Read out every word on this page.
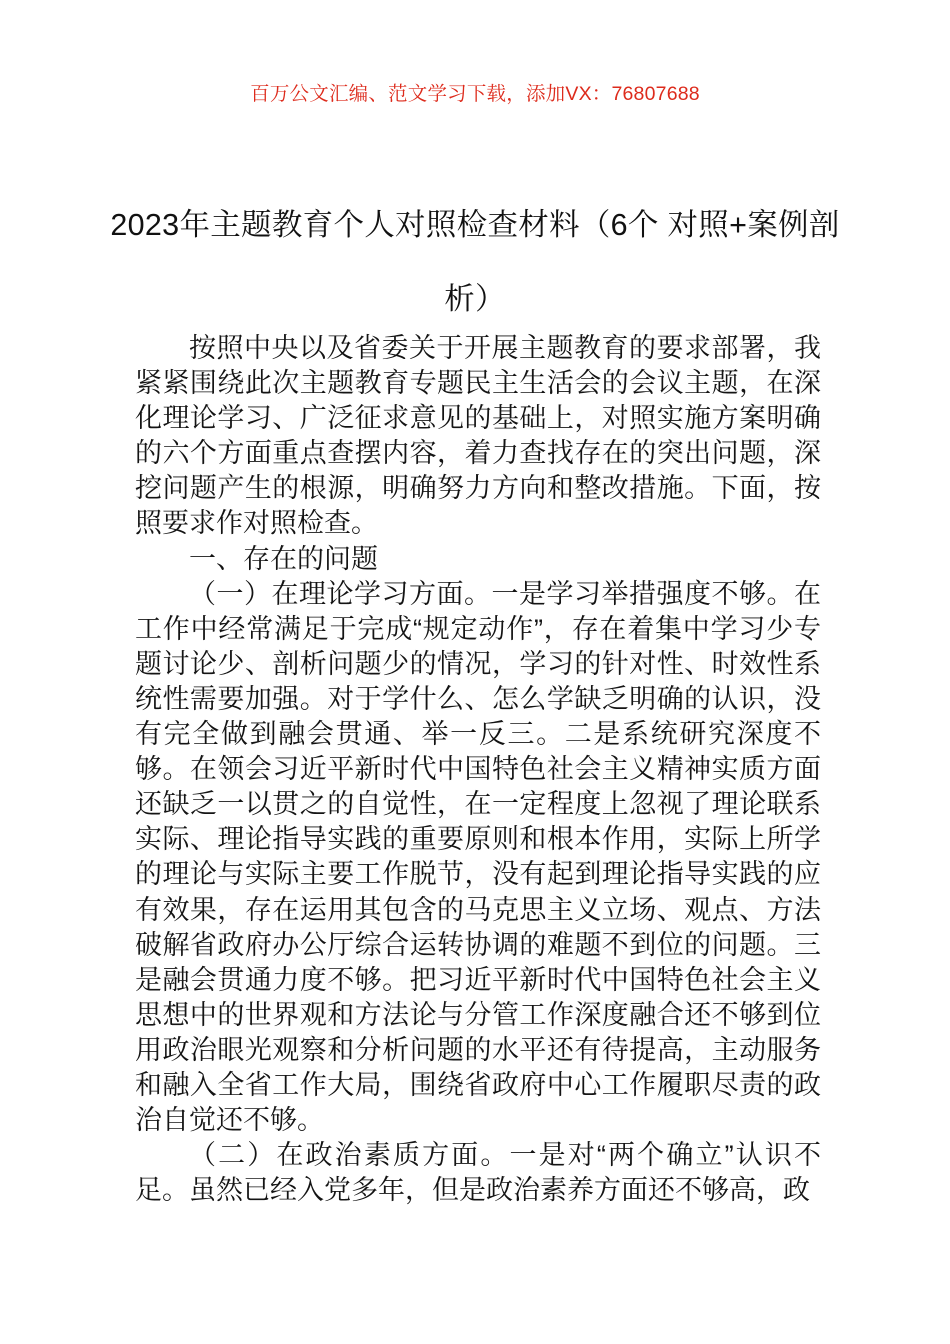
百万公文汇编、范文学习下载，添加VX：76807688
2023年主题教育个人对照检查材料（6个 对照+案例剖析）

按照中央以及省委关于开展主题教育的要求部署，我紧紧围绕此次主题教育专题民主生活会的会议主题，在深化理论学习、广泛征求意见的基础上，对照实施方案明确的六个方面重点查摆内容，着力查找存在的突出问题，深挖问题产生的根源，明确努力方向和整改措施。下面，按照要求作对照检查。

一、存在的问题

（一）在理论学习方面。一是学习举措强度不够。在工作中经常满足于完成“规定动作”，存在着集中学习少专题讨论少、剖析问题少的情况，学习的针对性、时效性系统性需要加强。对于学什么、怎么学缺乏明确的认识，没有完全做到融会贯通、举一反三。二是系统研究深度不够。在领会习近平新时代中国特色社会主义精神实质方面还缺乏一以贯之的自觉性，在一定程度上忽视了理论联系实际、理论指导实践的重要原则和根本作用，实际上所学的理论与实际主要工作脱节，没有起到理论指导实践的应有效果，存在运用其包含的马克思主义立场、观点、方法破解省政府办公厅综合运转协调的难题不到位的问题。三是融会贯通力度不够。把习近平新时代中国特色社会主义思想中的世界观和方法论与分管工作深度融合还不够到位用政治眼光观察和分析问题的水平还有待提高，主动服务和融入全省工作大局，围绕省政府中心工作履职尽责的政治自觉还不够。

（二）在政治素质方面。一是对“两个确立”认识不足。虽然已经入党多年，但是政治素养方面还不够高，政
